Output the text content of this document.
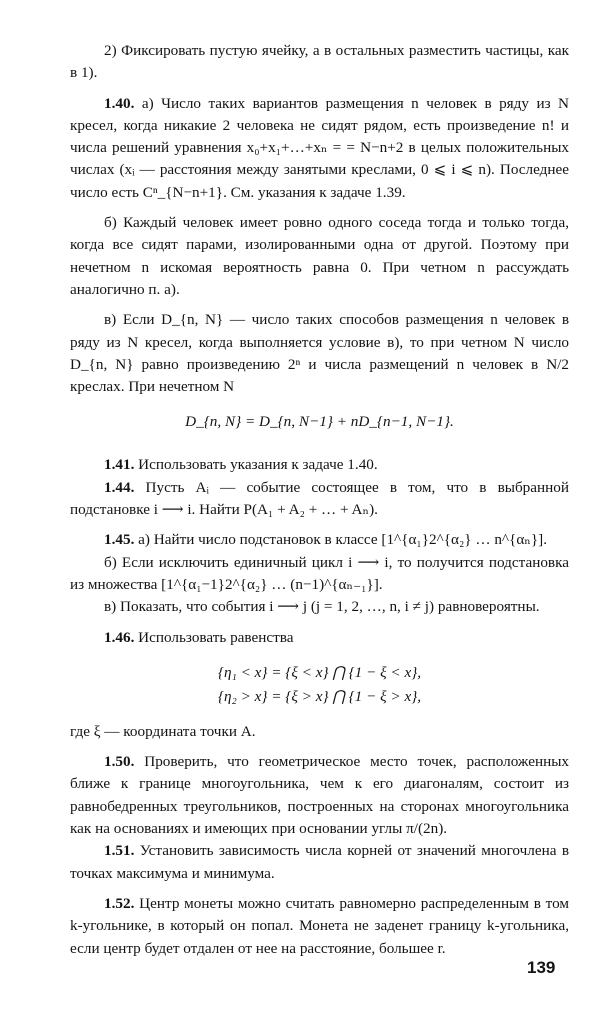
2) Фиксировать пустую ячейку, а в остальных разместить частицы, как в 1).

1.40. а) Число таких вариантов размещения n человек в ряду из N кресел, когда никакие 2 человека не сидят рядом, есть произведение n! и числа решений уравнения x₀+x₁+…+xₙ = = N−n+2 в целых положительных числах (xᵢ — расстояния между занятыми креслами, 0 ⩽ i ⩽ n). Последнее число есть Cⁿ_{N−n+1}. См. указания к задаче 1.39.

б) Каждый человек имеет ровно одного соседа тогда и только тогда, когда все сидят парами, изолированными одна от другой. Поэтому при нечетном n искомая вероятность равна 0. При четном n рассуждать аналогично п. а).

в) Если D_{n, N} — число таких способов размещения n человек в ряду из N кресел, когда выполняется условие в), то при четном N число D_{n, N} равно произведению 2ⁿ и числа размещений n человек в N/2 креслах. При нечетном N

D_{n, N} = D_{n, N−1} + nD_{n−1, N−1}.

1.41. Использовать указания к задаче 1.40.

1.44. Пусть Aᵢ — событие состоящее в том, что в выбранной подстановке i ⟶ i. Найти P(A₁ + A₂ + … + Aₙ).

1.45. а) Найти число подстановок в классе [1^{α₁}2^{α₂} … n^{αₙ}].

б) Если исключить единичный цикл i ⟶ i, то получится подстановка из множества [1^{α₁−1}2^{α₂} … (n−1)^{αₙ₋₁}].

в) Показать, что события i ⟶ j (j = 1, 2, …, n, i ≠ j) равновероятны.

1.46. Использовать равенства

{η₁ < x} = {ξ < x} ⋂ {1 − ξ < x},
{η₂ > x} = {ξ > x} ⋂ {1 − ξ > x},

где ξ — координата точки A.

1.50. Проверить, что геометрическое место точек, расположенных ближе к границе многоугольника, чем к его диагоналям, состоит из равнобедренных треугольников, построенных на сторонах многоугольника как на основаниях и имеющих при основании углы π/(2n).

1.51. Установить зависимость числа корней от значений многочлена в точках максимума и минимума.

1.52. Центр монеты можно считать равномерно распределенным в том k-угольнике, в который он попал. Монета не заденет границу k-угольника, если центр будет отдален от нее на расстояние, большее r.

139
